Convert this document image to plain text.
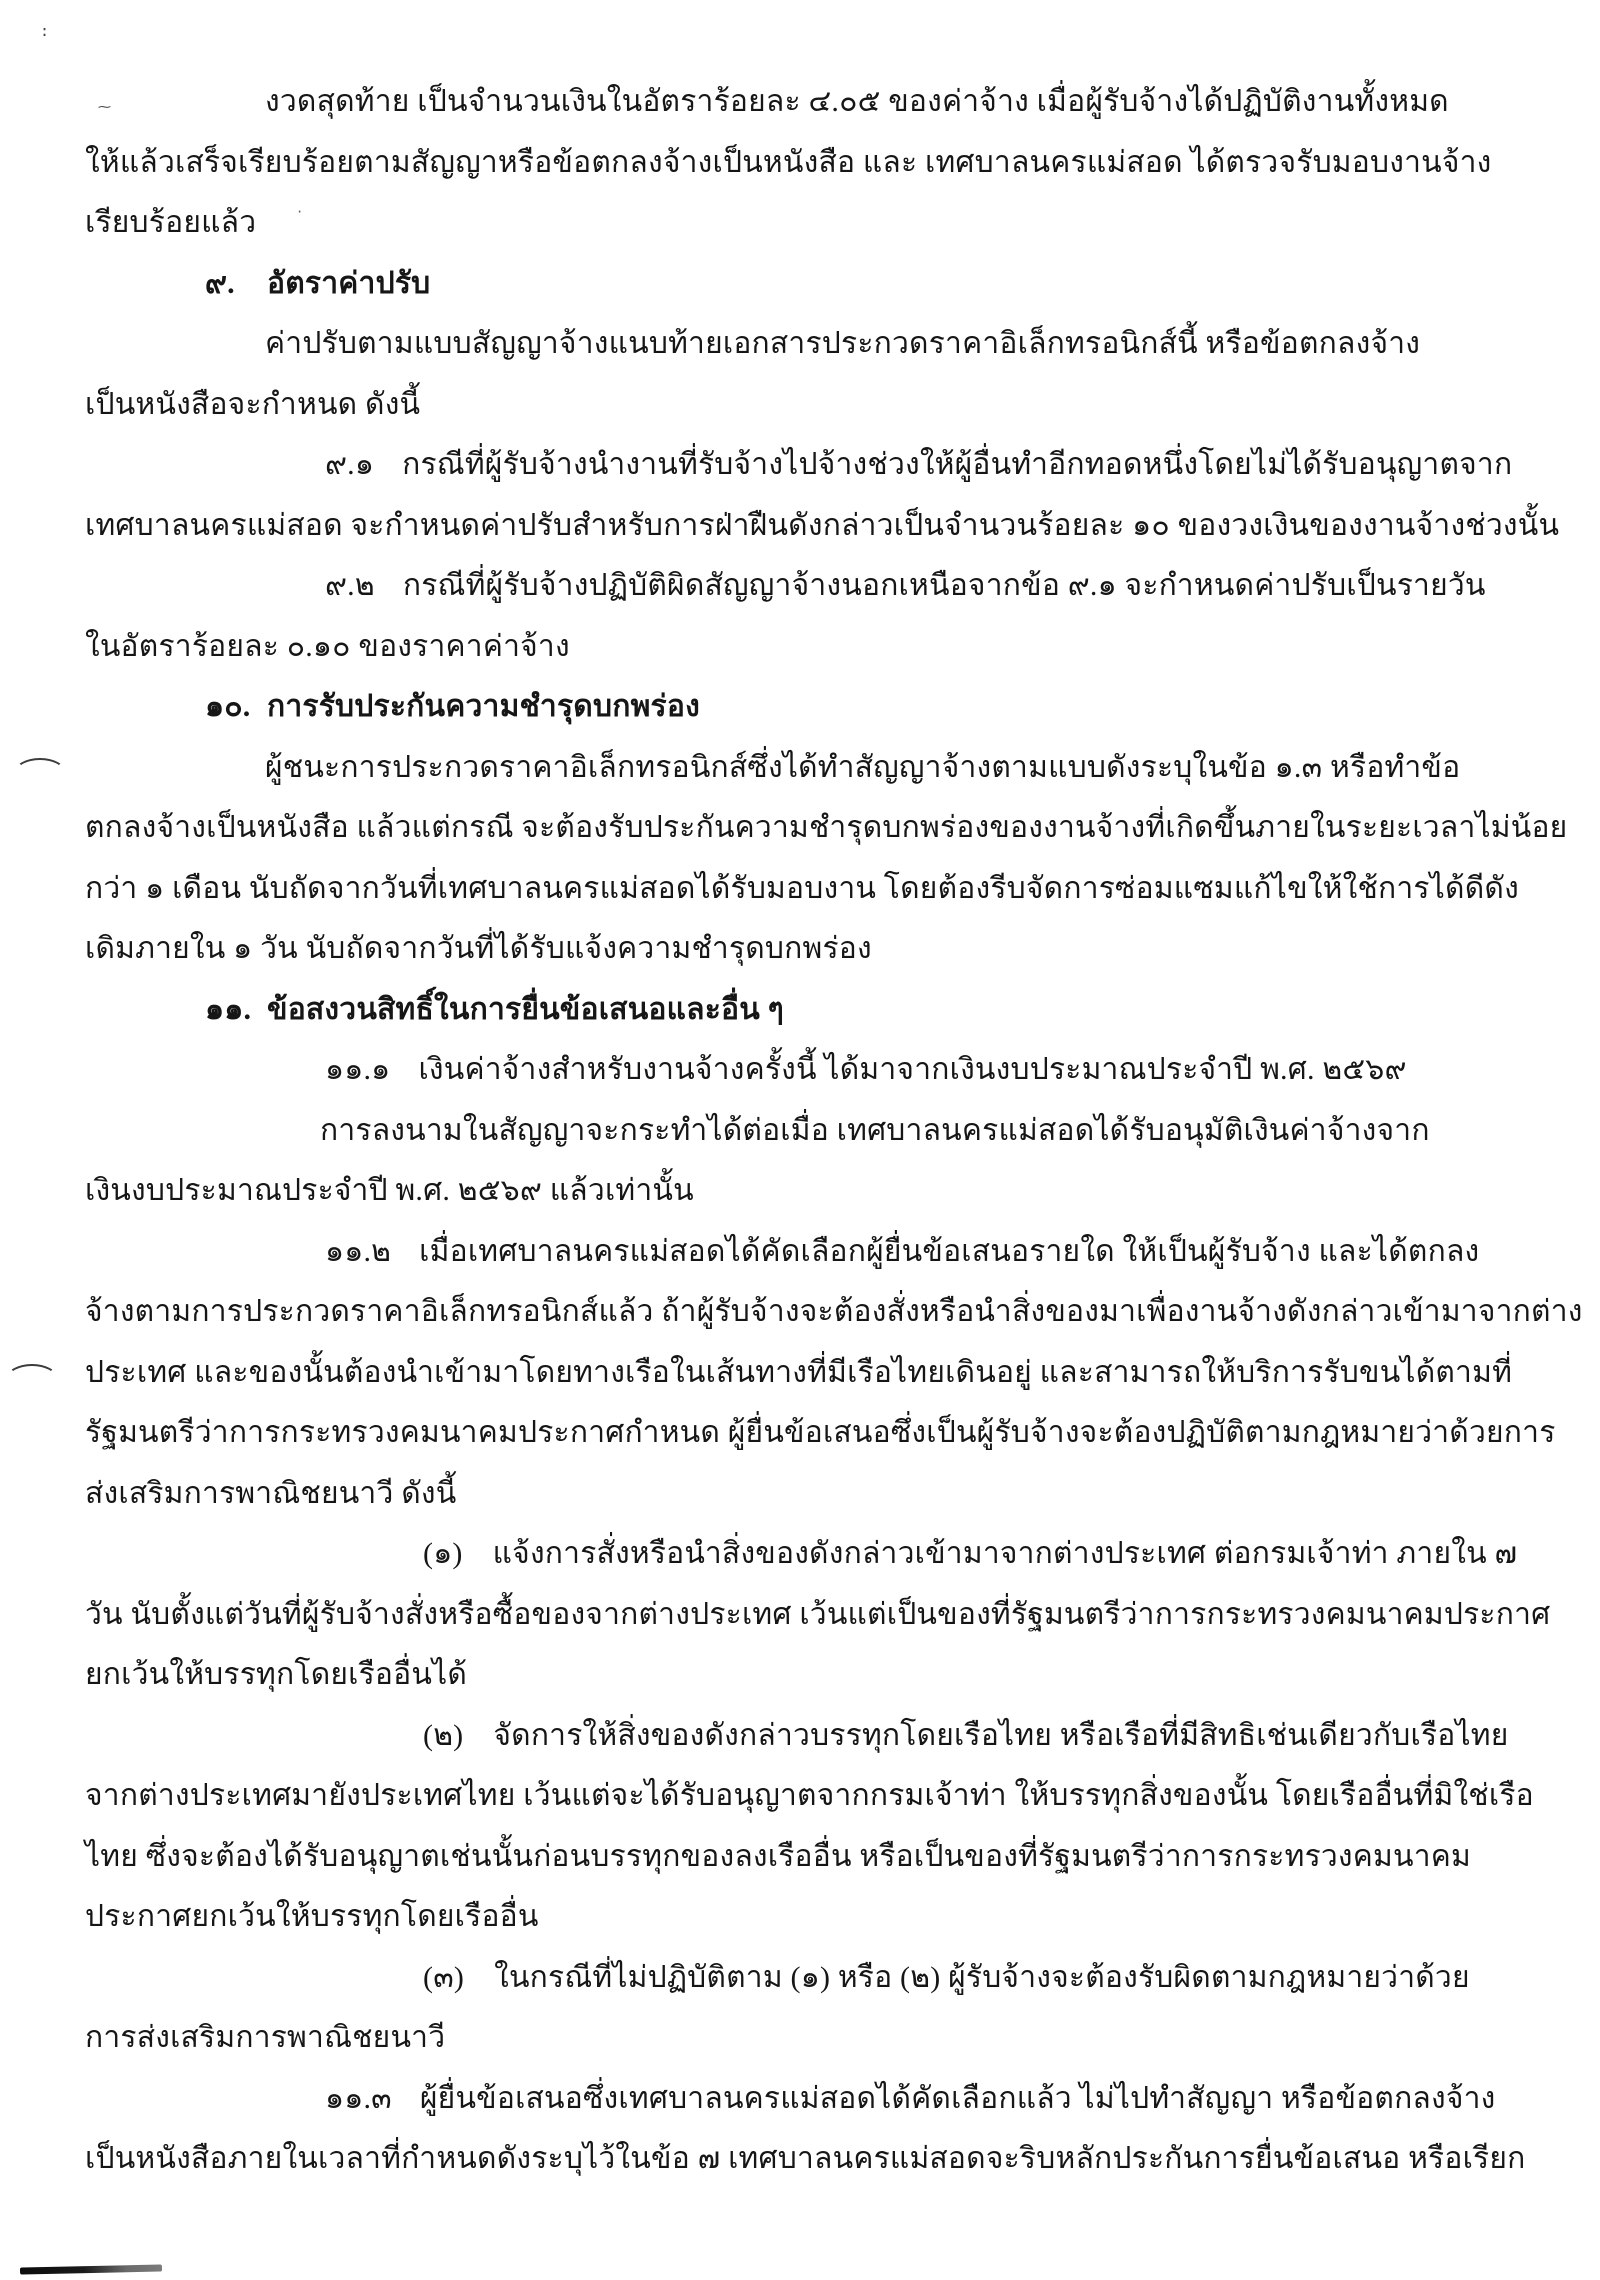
:
⁓
·
งวดสุดท้าย เป็นจำนวนเงินในอัตราร้อยละ ๔.๐๕ ของค่าจ้าง เมื่อผู้รับจ้างได้ปฏิบัติงานทั้งหมด
ให้แล้วเสร็จเรียบร้อยตามสัญญาหรือข้อตกลงจ้างเป็นหนังสือ และ เทศบาลนครแม่สอด ได้ตรวจรับมอบงานจ้าง
เรียบร้อยแล้ว
๙. อัตราค่าปรับ
ค่าปรับตามแบบสัญญาจ้างแนบท้ายเอกสารประกวดราคาอิเล็กทรอนิกส์นี้ หรือข้อตกลงจ้าง
เป็นหนังสือจะกำหนด ดังนี้
๙.๑ กรณีที่ผู้รับจ้างนำงานที่รับจ้างไปจ้างช่วงให้ผู้อื่นทำอีกทอดหนึ่งโดยไม่ได้รับอนุญาตจาก
เทศบาลนครแม่สอด จะกำหนดค่าปรับสำหรับการฝ่าฝืนดังกล่าวเป็นจำนวนร้อยละ ๑๐ ของวงเงินของงานจ้างช่วงนั้น
๙.๒ กรณีที่ผู้รับจ้างปฏิบัติผิดสัญญาจ้างนอกเหนือจากข้อ ๙.๑ จะกำหนดค่าปรับเป็นรายวัน
ในอัตราร้อยละ ๐.๑๐ ของราคาค่าจ้าง
๑๐. การรับประกันความชำรุดบกพร่อง
ผู้ชนะการประกวดราคาอิเล็กทรอนิกส์ซึ่งได้ทำสัญญาจ้างตามแบบดังระบุในข้อ ๑.๓ หรือทำข้อ
ตกลงจ้างเป็นหนังสือ แล้วแต่กรณี จะต้องรับประกันความชำรุดบกพร่องของงานจ้างที่เกิดขึ้นภายในระยะเวลาไม่น้อย
กว่า ๑ เดือน นับถัดจากวันที่เทศบาลนครแม่สอดได้รับมอบงาน โดยต้องรีบจัดการซ่อมแซมแก้ไขให้ใช้การได้ดีดัง
เดิมภายใน ๑ วัน นับถัดจากวันที่ได้รับแจ้งความชำรุดบกพร่อง
๑๑. ข้อสงวนสิทธิ์ในการยื่นข้อเสนอและอื่น ๆ
๑๑.๑ เงินค่าจ้างสำหรับงานจ้างครั้งนี้ ได้มาจากเงินงบประมาณประจำปี พ.ศ. ๒๕๖๙
การลงนามในสัญญาจะกระทำได้ต่อเมื่อ เทศบาลนครแม่สอดได้รับอนุมัติเงินค่าจ้างจาก
เงินงบประมาณประจำปี พ.ศ. ๒๕๖๙ แล้วเท่านั้น
๑๑.๒ เมื่อเทศบาลนครแม่สอดได้คัดเลือกผู้ยื่นข้อเสนอรายใด ให้เป็นผู้รับจ้าง และได้ตกลง
จ้างตามการประกวดราคาอิเล็กทรอนิกส์แล้ว ถ้าผู้รับจ้างจะต้องสั่งหรือนำสิ่งของมาเพื่องานจ้างดังกล่าวเข้ามาจากต่าง
ประเทศ และของนั้นต้องนำเข้ามาโดยทางเรือในเส้นทางที่มีเรือไทยเดินอยู่ และสามารถให้บริการรับขนได้ตามที่
รัฐมนตรีว่าการกระทรวงคมนาคมประกาศกำหนด ผู้ยื่นข้อเสนอซึ่งเป็นผู้รับจ้างจะต้องปฏิบัติตามกฎหมายว่าด้วยการ
ส่งเสริมการพาณิชยนาวี ดังนี้
(๑) แจ้งการสั่งหรือนำสิ่งของดังกล่าวเข้ามาจากต่างประเทศ ต่อกรมเจ้าท่า ภายใน ๗
วัน นับตั้งแต่วันที่ผู้รับจ้างสั่งหรือซื้อของจากต่างประเทศ เว้นแต่เป็นของที่รัฐมนตรีว่าการกระทรวงคมนาคมประกาศ
ยกเว้นให้บรรทุกโดยเรืออื่นได้
(๒) จัดการให้สิ่งของดังกล่าวบรรทุกโดยเรือไทย หรือเรือที่มีสิทธิเช่นเดียวกับเรือไทย
จากต่างประเทศมายังประเทศไทย เว้นแต่จะได้รับอนุญาตจากกรมเจ้าท่า ให้บรรทุกสิ่งของนั้น โดยเรืออื่นที่มิใช่เรือ
ไทย ซึ่งจะต้องได้รับอนุญาตเช่นนั้นก่อนบรรทุกของลงเรืออื่น หรือเป็นของที่รัฐมนตรีว่าการกระทรวงคมนาคม
ประกาศยกเว้นให้บรรทุกโดยเรืออื่น
(๓) ในกรณีที่ไม่ปฏิบัติตาม (๑) หรือ (๒) ผู้รับจ้างจะต้องรับผิดตามกฎหมายว่าด้วย
การส่งเสริมการพาณิชยนาวี
๑๑.๓ ผู้ยื่นข้อเสนอซึ่งเทศบาลนครแม่สอดได้คัดเลือกแล้ว ไม่ไปทำสัญญา หรือข้อตกลงจ้าง
เป็นหนังสือภายในเวลาที่กำหนดดังระบุไว้ในข้อ ๗ เทศบาลนครแม่สอดจะริบหลักประกันการยื่นข้อเสนอ หรือเรียก
